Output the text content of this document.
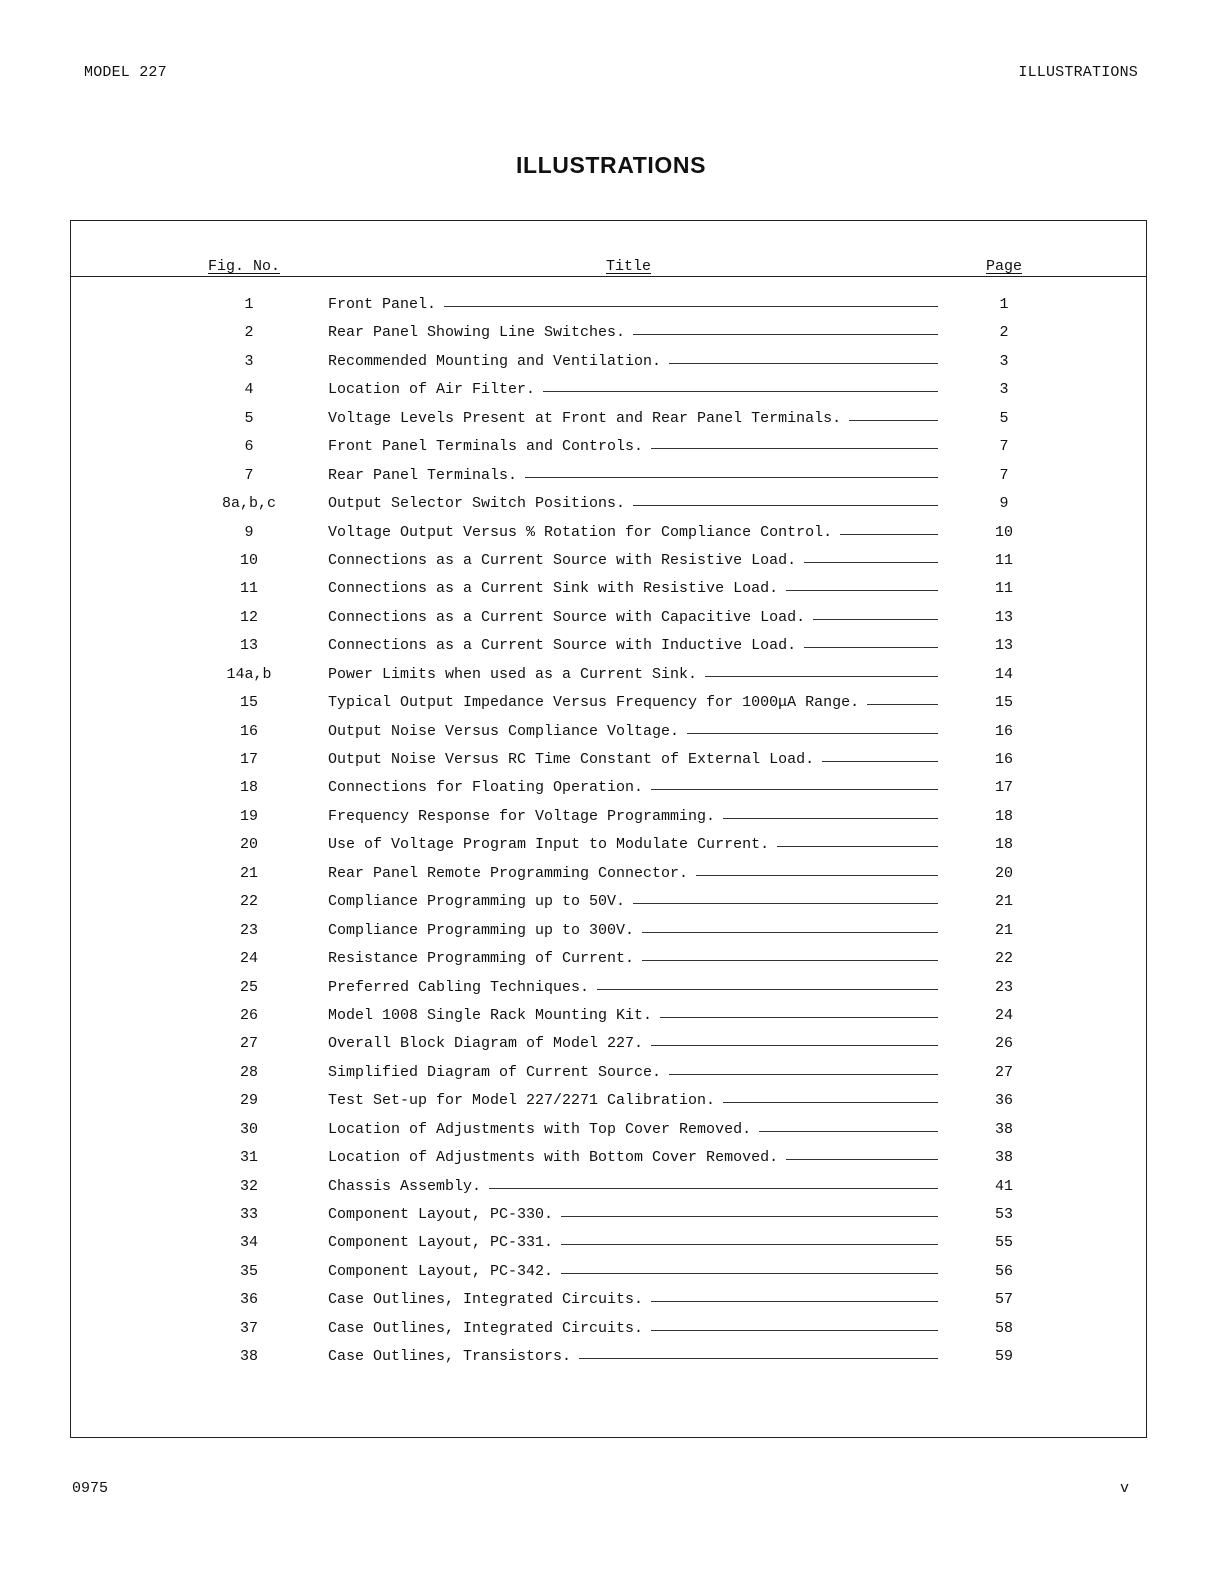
MODEL 227	ILLUSTRATIONS
ILLUSTRATIONS
Fig. No.	Title	Page
1	Front Panel.	1
2	Rear Panel Showing Line Switches.	2
3	Recommended Mounting and Ventilation.	3
4	Location of Air Filter.	3
5	Voltage Levels Present at Front and Rear Panel Terminals.	5
6	Front Panel Terminals and Controls.	7
7	Rear Panel Terminals.	7
8a,b,c	Output Selector Switch Positions.	9
9	Voltage Output Versus % Rotation for Compliance Control.	10
10	Connections as a Current Source with Resistive Load.	11
11	Connections as a Current Sink with Resistive Load.	11
12	Connections as a Current Source with Capacitive Load.	13
13	Connections as a Current Source with Inductive Load.	13
14a,b	Power Limits when used as a Current Sink.	14
15	Typical Output Impedance Versus Frequency for 1000μA Range.	15
16	Output Noise Versus Compliance Voltage.	16
17	Output Noise Versus RC Time Constant of External Load.	16
18	Connections for Floating Operation.	17
19	Frequency Response for Voltage Programming.	18
20	Use of Voltage Program Input to Modulate Current.	18
21	Rear Panel Remote Programming Connector.	20
22	Compliance Programming up to 50V.	21
23	Compliance Programming up to 300V.	21
24	Resistance Programming of Current.	22
25	Preferred Cabling Techniques.	23
26	Model 1008 Single Rack Mounting Kit.	24
27	Overall Block Diagram of Model 227.	26
28	Simplified Diagram of Current Source.	27
29	Test Set-up for Model 227/2271 Calibration.	36
30	Location of Adjustments with Top Cover Removed.	38
31	Location of Adjustments with Bottom Cover Removed.	38
32	Chassis Assembly.	41
33	Component Layout, PC-330.	53
34	Component Layout, PC-331.	55
35	Component Layout, PC-342.	56
36	Case Outlines, Integrated Circuits.	57
37	Case Outlines, Integrated Circuits.	58
38	Case Outlines, Transistors.	59
0975	v
